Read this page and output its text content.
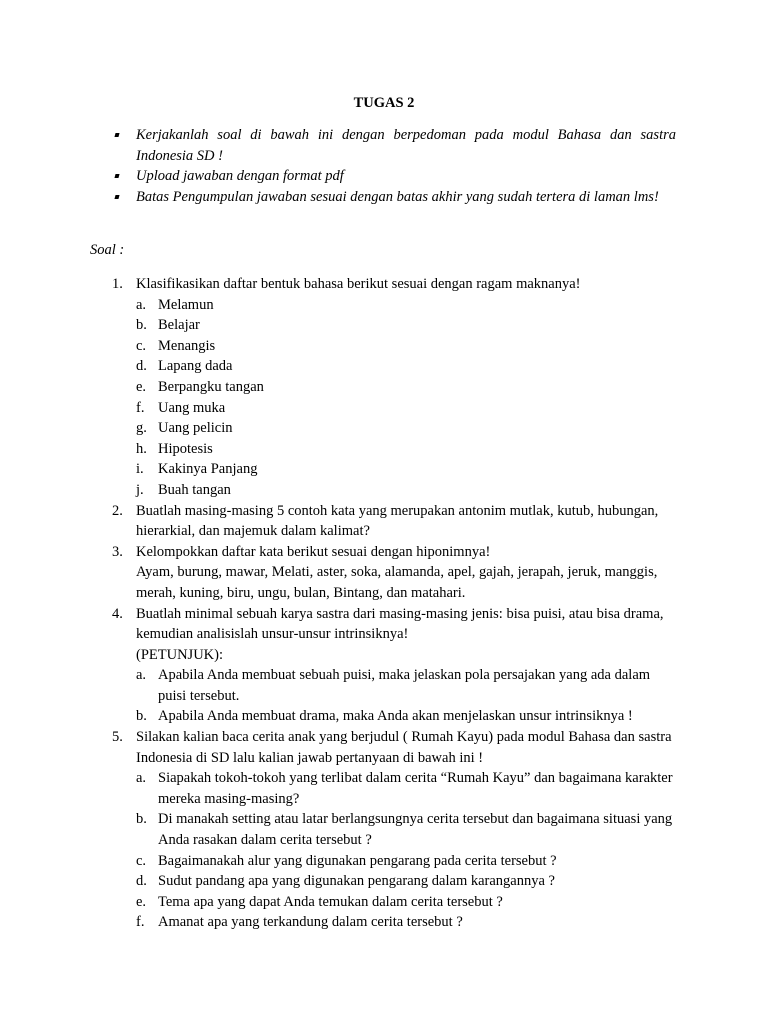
TUGAS 2
Kerjakanlah soal di bawah ini dengan berpedoman pada modul Bahasa dan sastra Indonesia SD !
Upload jawaban dengan format pdf
Batas Pengumpulan jawaban sesuai dengan batas akhir yang sudah tertera di laman lms!
Soal :
1. Klasifikasikan daftar bentuk bahasa berikut sesuai dengan ragam maknanya!
a. Melamun
b. Belajar
c. Menangis
d. Lapang dada
e. Berpangku tangan
f. Uang muka
g. Uang pelicin
h. Hipotesis
i. Kakinya Panjang
j. Buah tangan
2. Buatlah masing-masing 5 contoh kata yang merupakan antonim mutlak, kutub, hubungan, hierarkial, dan majemuk dalam kalimat?
3. Kelompokkan daftar kata berikut sesuai dengan hiponimnya!
Ayam, burung, mawar, Melati, aster, soka, alamanda, apel, gajah, jerapah, jeruk, manggis, merah, kuning, biru, ungu, bulan, Bintang, dan matahari.
4. Buatlah minimal sebuah karya sastra dari masing-masing jenis: bisa puisi, atau bisa drama, kemudian analisislah unsur-unsur intrinsiknya!
(PETUNJUK):
a. Apabila Anda membuat sebuah puisi, maka jelaskan pola persajakan yang ada dalam puisi tersebut.
b. Apabila Anda membuat drama, maka Anda akan menjelaskan unsur intrinsiknya !
5. Silakan kalian baca cerita anak yang berjudul ( Rumah Kayu) pada modul Bahasa dan sastra Indonesia di SD lalu kalian jawab pertanyaan di bawah ini !
a. Siapakah tokoh-tokoh yang terlibat dalam cerita “Rumah Kayu” dan bagaimana karakter mereka masing-masing?
b. Di manakah setting atau latar berlangsungnya cerita tersebut dan bagaimana situasi yang Anda rasakan dalam cerita tersebut ?
c. Bagaimanakah alur yang digunakan pengarang pada cerita tersebut ?
d. Sudut pandang apa yang digunakan pengarang dalam karangannya ?
e. Tema apa yang dapat Anda temukan dalam cerita tersebut ?
f. Amanat apa yang terkandung dalam cerita tersebut ?
